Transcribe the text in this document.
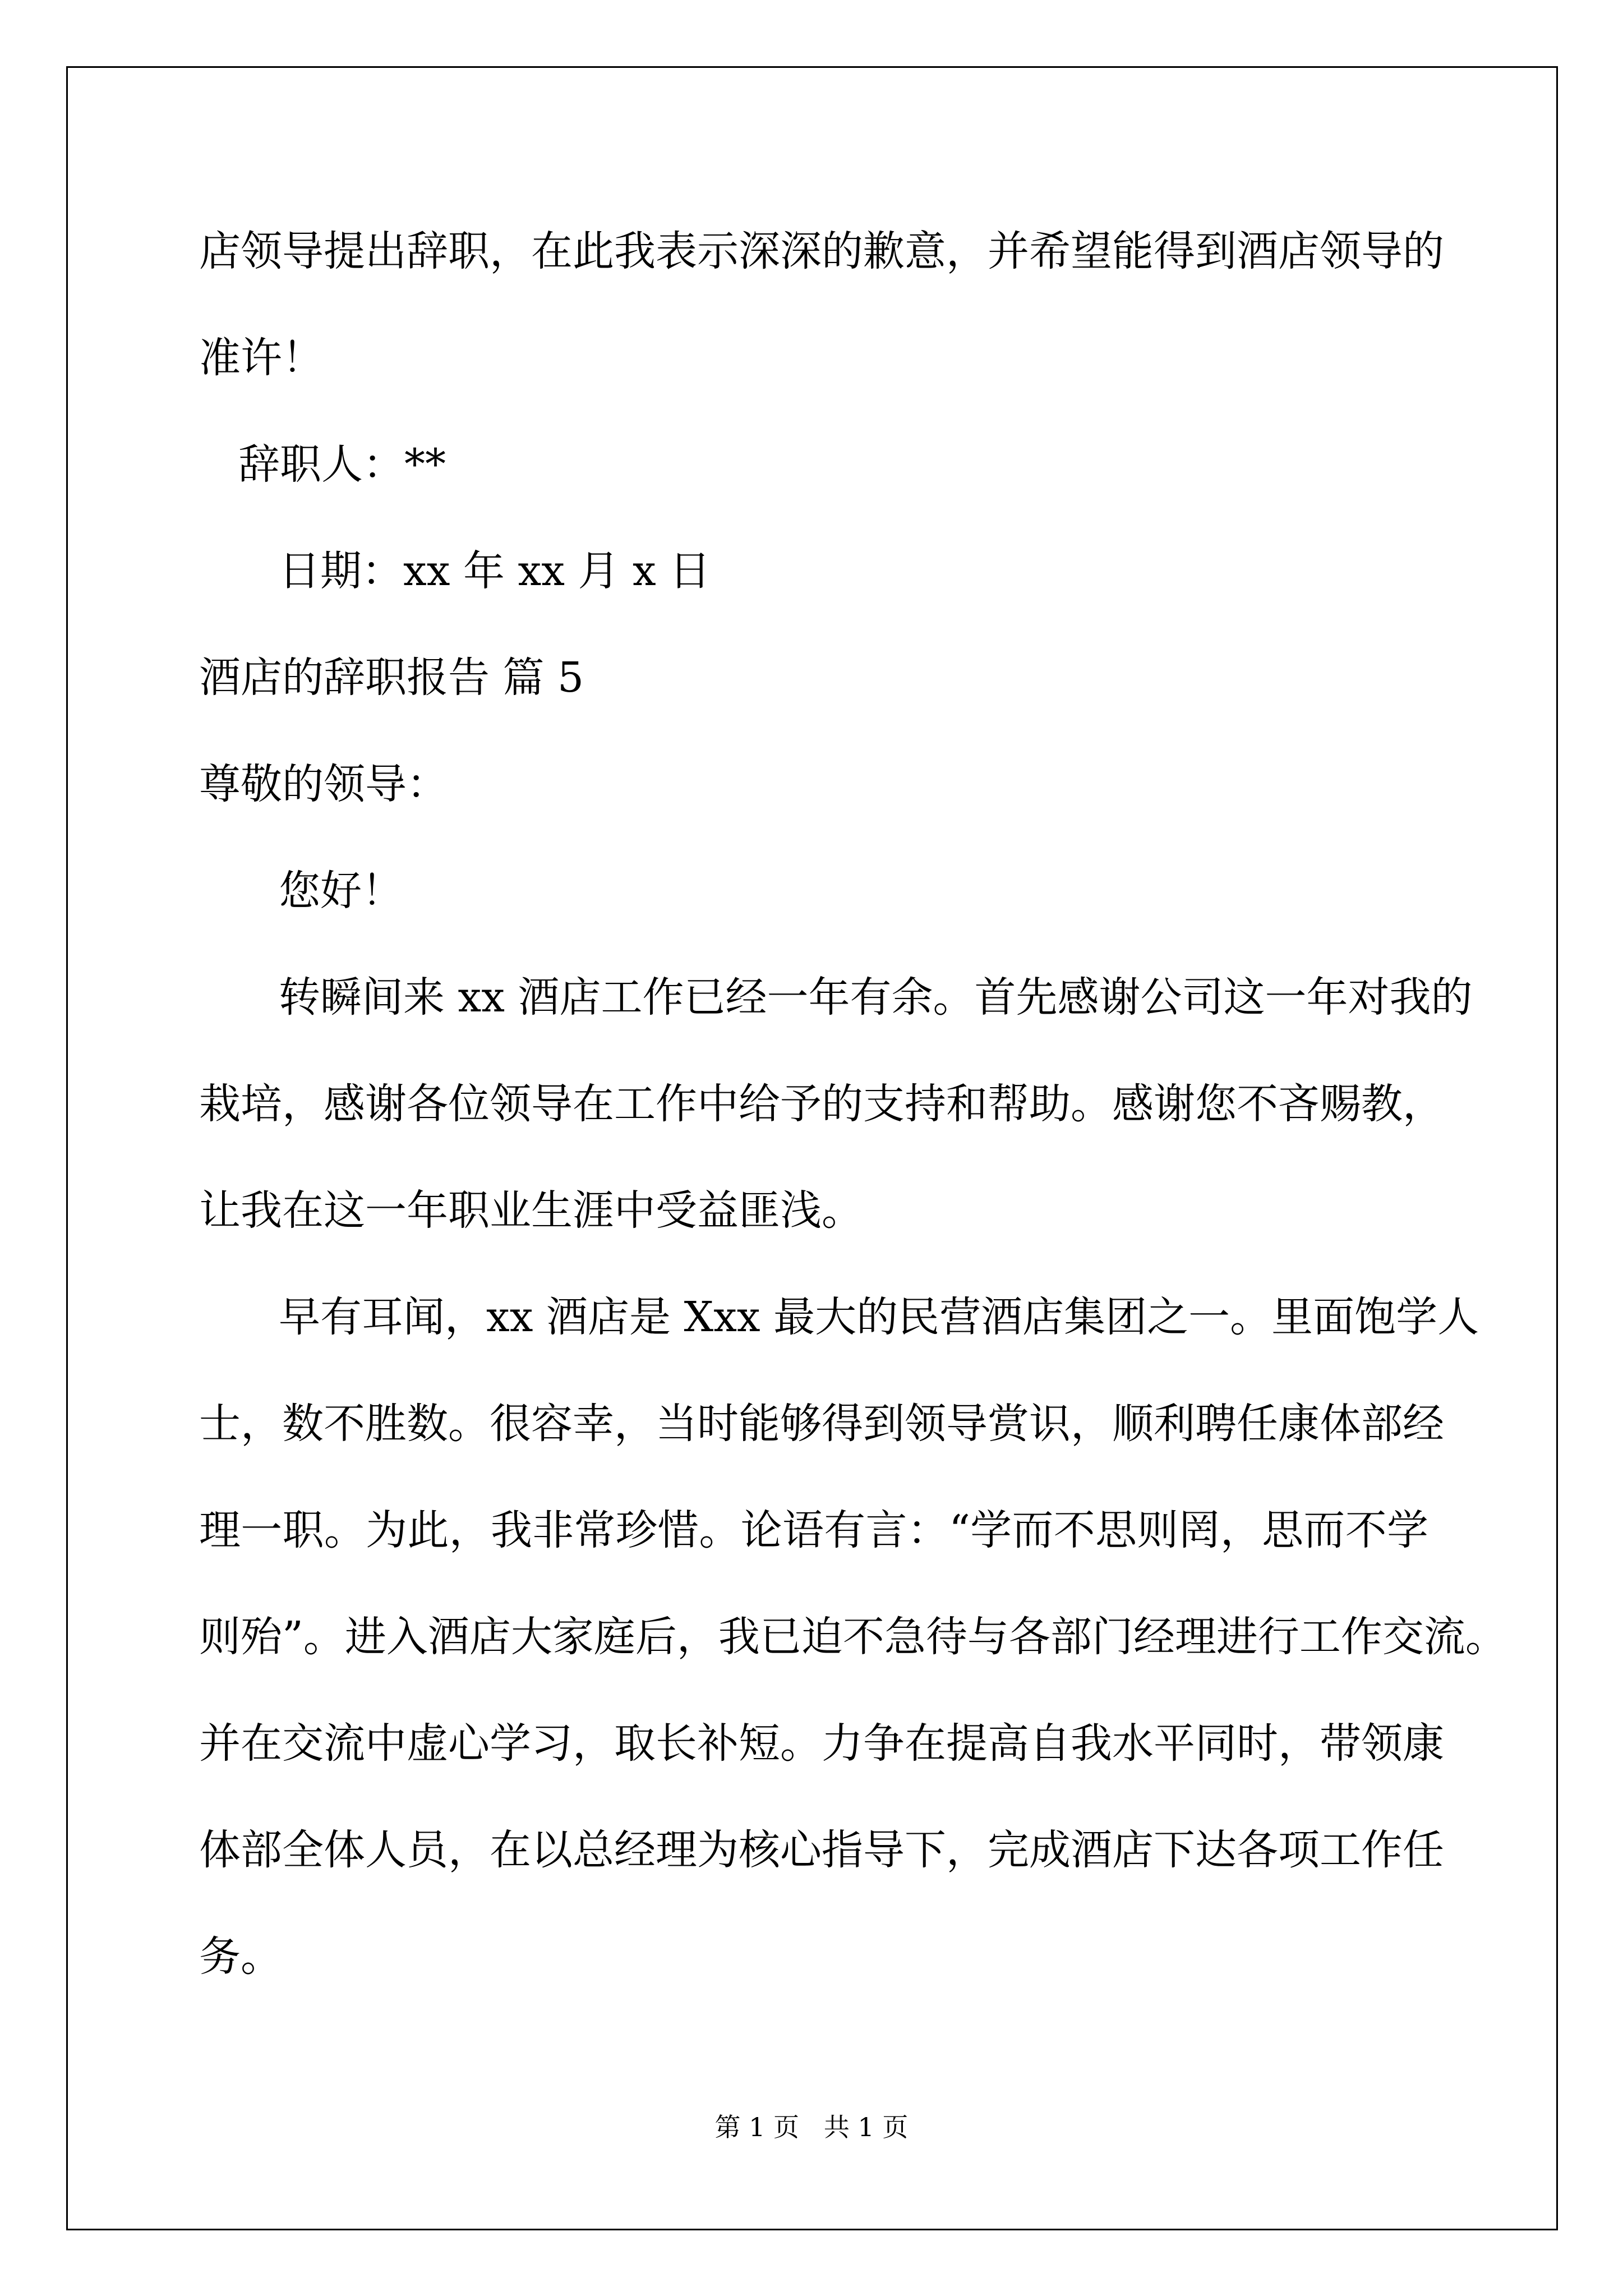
店领导提出辞职，在此我表示深深的歉意，并希望能得到酒店领导的
准许！
辞职人：**
日期：xx 年 xx 月 x 日
酒店的辞职报告 篇 5
尊敬的领导：
您好！
转瞬间来 xx 酒店工作已经一年有余。首先感谢公司这一年对我的
栽培，感谢各位领导在工作中给予的支持和帮助。感谢您不吝赐教，
让我在这一年职业生涯中受益匪浅。
早有耳闻，xx 酒店是 Xxx 最大的民营酒店集团之一。里面饱学人
士，数不胜数。很容幸，当时能够得到领导赏识，顺利聘任康体部经
理一职。为此，我非常珍惜。论语有言：“学而不思则罔，思而不学
则殆”。进入酒店大家庭后，我已迫不急待与各部门经理进行工作交流。
并在交流中虚心学习，取长补短。力争在提高自我水平同时，带领康
体部全体人员，在以总经理为核心指导下，完成酒店下达各项工作任
务。
第 1 页   共 1 页
